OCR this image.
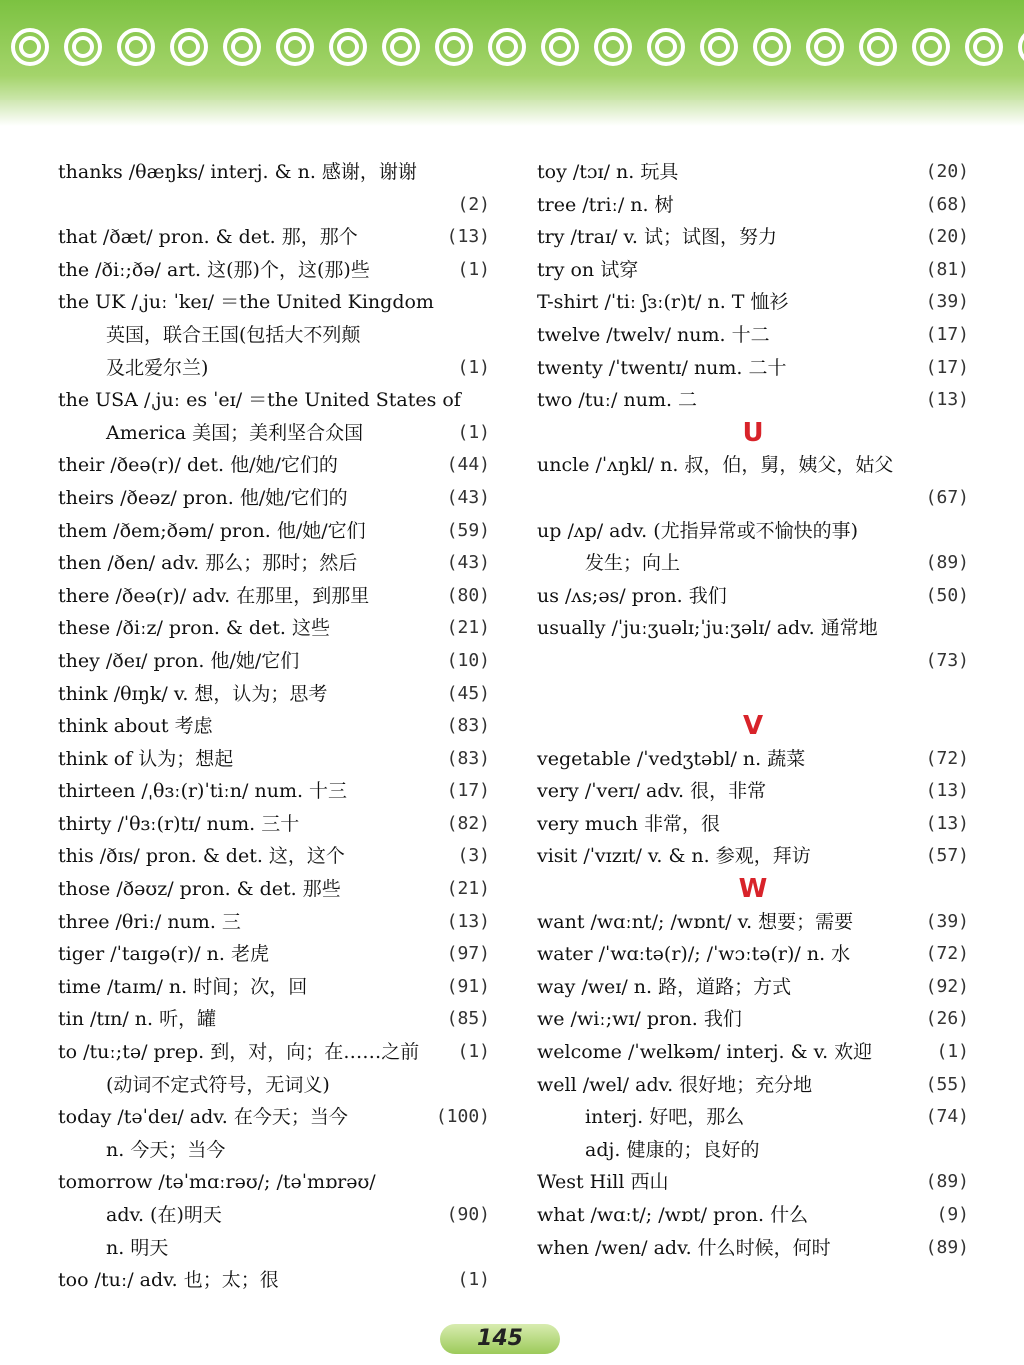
thanks /θæŋks/ interj. & n. 感谢，谢谢
(2)
that /ðæt/ pron. & det. 那，那个	(13)
the /ðiː;ðə/ art. 这(那)个，这(那)些	(1)
the UK /ˌjuː ˈkeɪ/ ＝the United Kingdom
英国，联合王国(包括大不列颠
及北爱尔兰)	(1)
the USA /ˌjuː es ˈeɪ/ ＝the United States of
America 美国；美利坚合众国	(1)
their /ðeə(r)/ det. 他/她/它们的	(44)
theirs /ðeəz/ pron. 他/她/它们的	(43)
them /ðem;ðəm/ pron. 他/她/它们	(59)
then /ðen/ adv. 那么；那时；然后	(43)
there /ðeə(r)/ adv. 在那里，到那里	(80)
these /ðiːz/ pron. & det. 这些	(21)
they /ðeɪ/ pron. 他/她/它们	(10)
think /θɪŋk/ v. 想，认为；思考	(45)
think about 考虑	(83)
think of 认为；想起	(83)
thirteen /ˌθɜː(r)ˈtiːn/ num. 十三	(17)
thirty /ˈθɜː(r)tɪ/ num. 三十	(82)
this /ðɪs/ pron. & det. 这，这个	(3)
those /ðəʊz/ pron. & det. 那些	(21)
three /θriː/ num. 三	(13)
tiger /ˈtaɪgə(r)/ n. 老虎	(97)
time /taɪm/ n. 时间；次，回	(91)
tin /tɪn/ n. 听，罐	(85)
to /tuː;tə/ prep. 到，对，向；在……之前 (1)
(动词不定式符号，无词义)
today /təˈdeɪ/ adv. 在今天；当今	(100)
n. 今天；当今
tomorrow /təˈmɑːrəʊ/; /təˈmɒrəʊ/
adv. (在)明天	(90)
n. 明天
too /tuː/ adv. 也；太；很	(1)
toy /tɔɪ/ n. 玩具	(20)
tree /triː/ n. 树	(68)
try /traɪ/ v. 试；试图，努力	(20)
try on 试穿	(81)
T-shirt /ˈtiː ʃɜː(r)t/ n. T 恤衫	(39)
twelve /twelv/ num. 十二	(17)
twenty /ˈtwentɪ/ num. 二十	(17)
two /tuː/ num. 二	(13)
U
uncle /ˈʌŋkl/ n. 叔，伯，舅，姨父，姑父
(67)
up /ʌp/ adv. (尤指异常或不愉快的事)
发生；向上	(89)
us /ʌs;əs/ pron. 我们	(50)
usually /ˈjuːʒuəlɪ;ˈjuːʒəlɪ/ adv. 通常地
(73)
V
vegetable /ˈvedʒtəbl/ n. 蔬菜	(72)
very /ˈverɪ/ adv. 很，非常	(13)
very much 非常，很	(13)
visit /ˈvɪzɪt/ v. & n. 参观，拜访	(57)
W
want /wɑːnt/; /wɒnt/ v. 想要；需要	(39)
water /ˈwɑːtə(r)/; /ˈwɔːtə(r)/ n. 水	(72)
way /weɪ/ n. 路，道路；方式	(92)
we /wiː;wɪ/ pron. 我们	(26)
welcome /ˈwelkəm/ interj. & v. 欢迎	(1)
well /wel/ adv. 很好地；充分地	(55)
interj. 好吧，那么	(74)
adj. 健康的；良好的
West Hill 西山	(89)
what /wɑːt/; /wɒt/ pron. 什么	(9)
when /wen/ adv. 什么时候，何时	(89)
145
